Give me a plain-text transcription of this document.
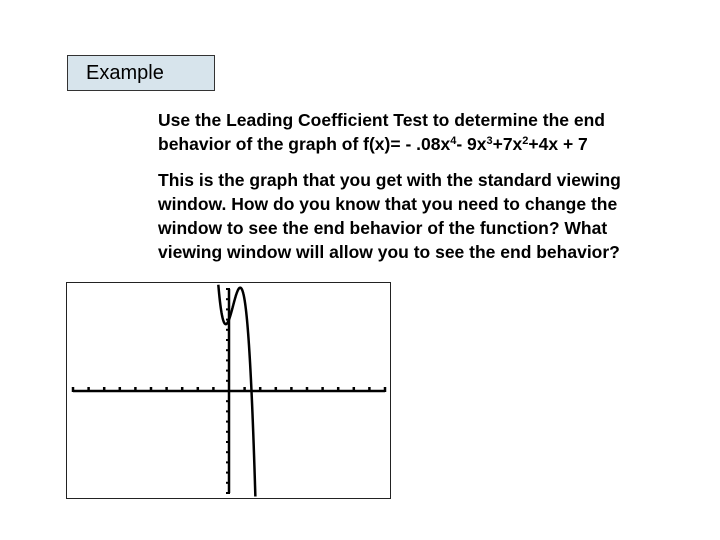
Example

Use the Leading Coefficient Test to determine the end
behavior of the graph of $f(x)= - .08x^4-$ $9x^3+7x^2+4x + 7$

This is the graph that you get with the standard viewing
window. How do you know that you need to change the
window to see the end behavior of the function? What
viewing window will allow you to see the end behavior?
